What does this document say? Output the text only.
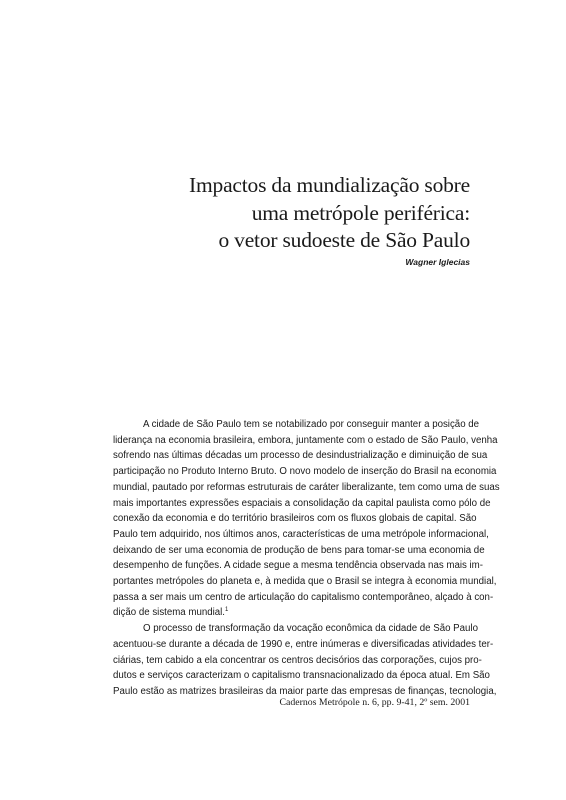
Impactos da mundialização sobre
uma metrópole periférica:
o vetor sudoeste de São Paulo
Wagner Iglecias
A cidade de São Paulo tem se notabilizado por conseguir manter a posição de
liderança na economia brasileira, embora, juntamente com o estado de São Paulo, venha
sofrendo nas últimas décadas um processo de desindustrialização e diminuição de sua
participação no Produto Interno Bruto. O novo modelo de inserção do Brasil na economia
mundial, pautado por reformas estruturais de caráter liberalizante, tem como uma de suas
mais importantes expressões espaciais a consolidação da capital paulista como pólo de
conexão da economia e do território brasileiros com os fluxos globais de capital. São
Paulo tem adquirido, nos últimos anos, características de uma metrópole informacional,
deixando de ser uma economia de produção de bens para tomar-se uma economia de
desempenho de funções. A cidade segue a mesma tendência observada nas mais im-
portantes metrópoles do planeta e, à medida que o Brasil se integra à economia mundial,
passa a ser mais um centro de articulação do capitalismo contemporâneo, alçado à con-
dição de sistema mundial.$^1$
O processo de transformação da vocação econômica da cidade de São Paulo
acentuou-se durante a década de 1990 e, entre inúmeras e diversificadas atividades ter-
ciárias, tem cabido a ela concentrar os centros decisórios das corporações, cujos pro-
dutos e serviços caracterizam o capitalismo transnacionalizado da época atual. Em São
Paulo estão as matrizes brasileiras da maior parte das empresas de finanças, tecnologia,
Cadernos Metrópole n. 6, pp. 9-41, 2º sem. 2001
